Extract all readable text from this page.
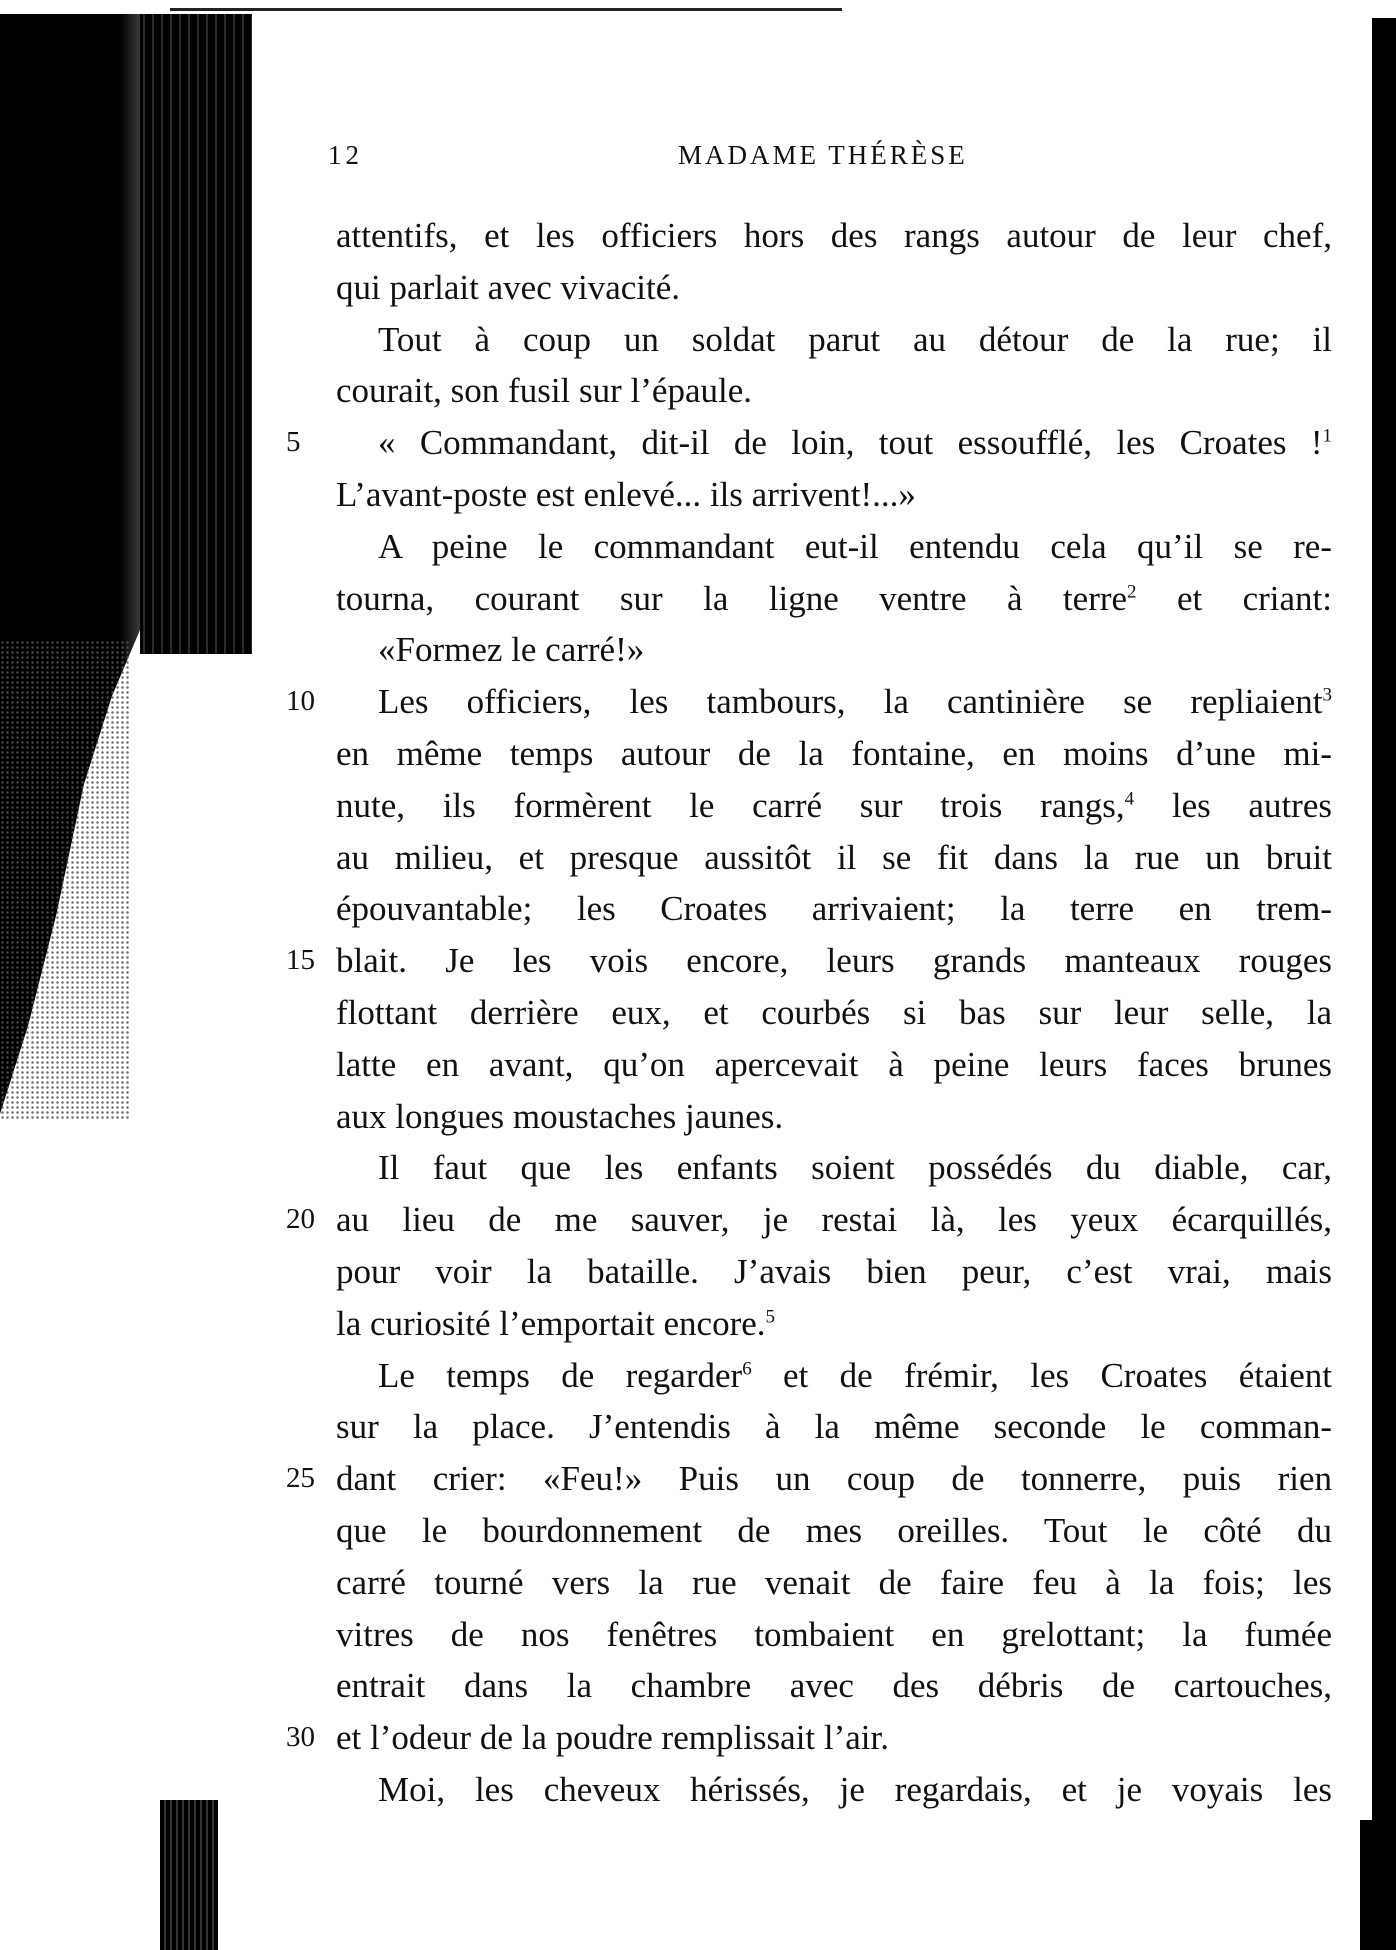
12	MADAME THÉRÈSE
attentifs, et les officiers hors des rangs autour de leur chef,
qui parlait avec vivacité.
Tout à coup un soldat parut au détour de la rue; il
courait, son fusil sur l’épaule.
« Commandant, dit-il de loin, tout essoufflé, les Croates !$^1$
5
L’avant-poste est enlevé... ils arrivent!...»
A peine le commandant eut-il entendu cela qu’il se re-
tourna, courant sur la ligne ventre à terre$^2$ et criant:
«Formez le carré!»
Les officiers, les tambours, la cantinière se repliaient$^3$
10
en même temps autour de la fontaine, en moins d’une mi-
nute, ils formèrent le carré sur trois rangs,$^4$ les autres
au milieu, et presque aussitôt il se fit dans la rue un bruit
épouvantable; les Croates arrivaient; la terre en trem-
blait. Je les vois encore, leurs grands manteaux rouges
15
flottant derrière eux, et courbés si bas sur leur selle, la
latte en avant, qu’on apercevait à peine leurs faces brunes
aux longues moustaches jaunes.
Il faut que les enfants soient possédés du diable, car,
au lieu de me sauver, je restai là, les yeux écarquillés,
20
pour voir la bataille. J’avais bien peur, c’est vrai, mais
la curiosité l’emportait encore.$^5$
Le temps de regarder$^6$ et de frémir, les Croates étaient
sur la place. J’entendis à la même seconde le comman-
dant crier: «Feu!» Puis un coup de tonnerre, puis rien
25
que le bourdonnement de mes oreilles. Tout le côté du
carré tourné vers la rue venait de faire feu à la fois; les
vitres de nos fenêtres tombaient en grelottant; la fumée
entrait dans la chambre avec des débris de cartouches,
et l’odeur de la poudre remplissait l’air.
30
Moi, les cheveux hérissés, je regardais, et je voyais les
